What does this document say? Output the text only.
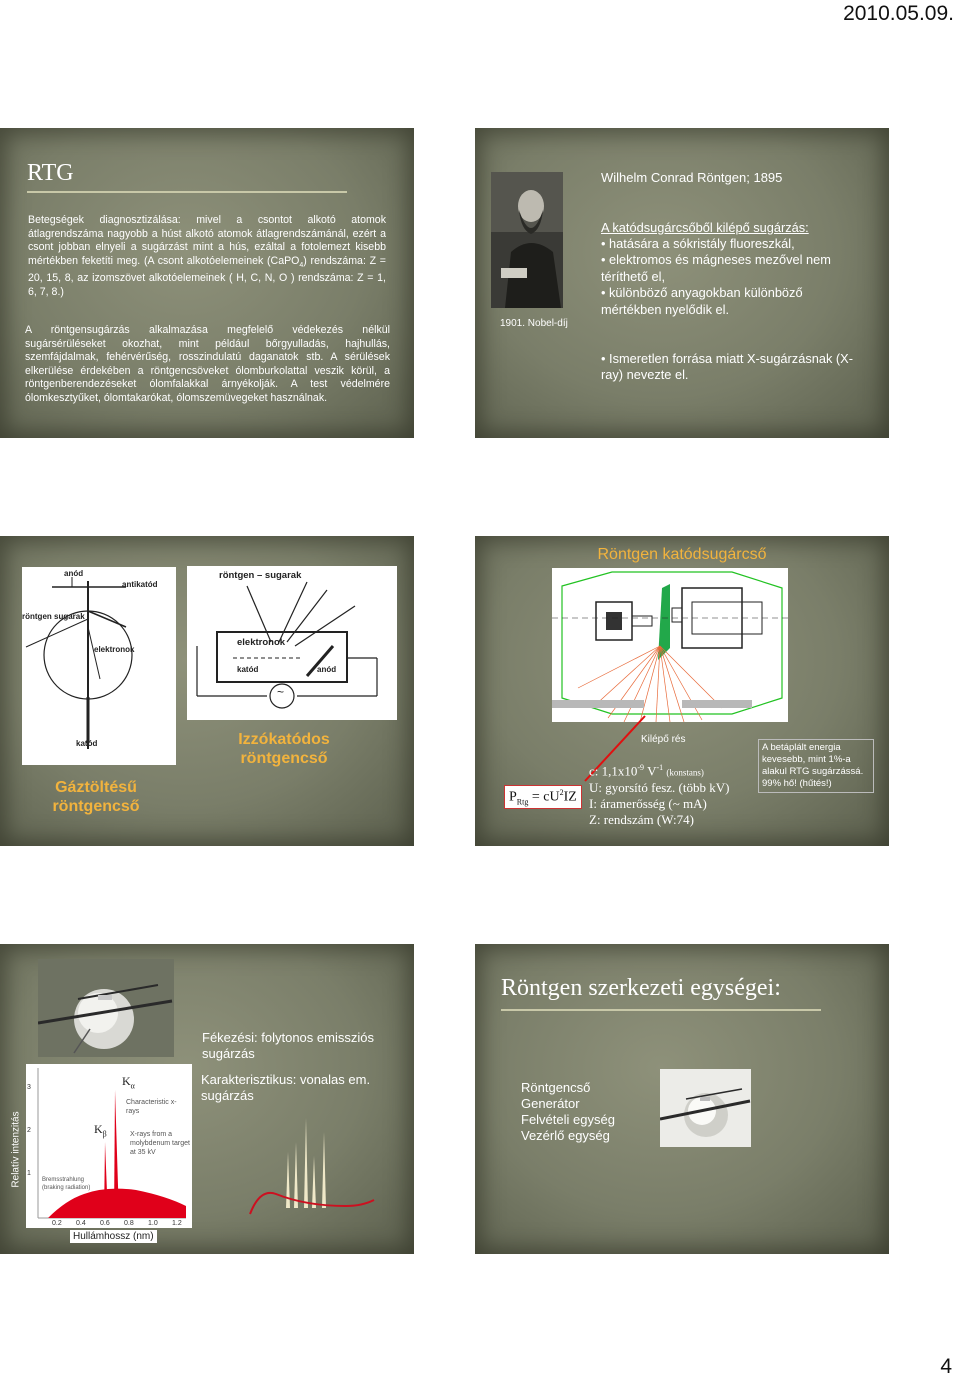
2010.05.09.
RTG
Betegségek diagnosztizálása: mivel a csontot alkotó atomok átlagrendszáma nagyobb a húst alkotó atomok átlagrendszámánál, ezért a csont jobban elnyeli a sugárzást mint a hús, ezáltal a fotolemezt kisebb mértékben feketíti meg. (A csont alkotóelemeinek (CaPO$_4$) rendszáma: Z = 20, 15, 8, az izomszövet alkotóelemeinek ( H, C, N, O ) rendszáma: Z = 1, 6, 7, 8.)
A röntgensugárzás alkalmazása megfelelő védekezés nélkül sugársérüléseket okozhat, mint például bőrgyulladás, hajhullás, szemfájdalmak, fehérvérűség, rosszindulatú daganatok stb. A sérülések elkerülése érdekében a röntgencsöveket ólomburkolattal veszik körül, a röntgenberendezéseket ólomfalakkal árnyékolják. A test védelmére ólomkesztyűket, ólomtakarókat, ólomszemüvegeket használnak.
1901. Nobel-díj
Wilhelm Conrad Röntgen; 1895
A katódsugárcsőből kilépő sugárzás:
• hatására a sókristály fluoreszkál,
• elektromos és mágneses mezővel nem téríthető el,
• különböző anyagokban különböző mértékben nyelődik el.
• Ismeretlen forrása miatt X-sugárzásnak (X-ray) nevezte el.
anód
antikatód
röntgen sugarak
elektronok
katód
röntgen – sugarak
elektronok
katód	anód
~
Gáztöltésű röntgencső
Izzókatódos röntgencső
Röntgen katódsugárcső
Kilépő rés
$P_{Rtg} = cU^2IZ$
c: $1,1x10^{-9}$ $V^{-1}$ (konstans)
U: gyorsító fesz. (több kV)
I: áramerősség (~ mA)
Z: rendszám (W:74)
A betáplált energia kevesebb, mint 1%-a alakul RTG sugárzássá. 99% hő! (hűtés!)
Fékezési: folytonos emissziós sugárzás
Karakterisztikus: vonalas em. sugárzás
Relatív intenzitás
$K_\alpha$
$K_\beta$
Characteristic x-rays
X-rays from a molybdenum target at 35 kV
Bremsstrahlung (braking radiation)
1
2
3
0.2 0.4 0.6 0.8 1.0 1.2
Hullámhossz (nm)
Röntgen szerkezeti egységei:
Röntgencső
Generátor
Felvételi egység
Vezérlő egység
4
